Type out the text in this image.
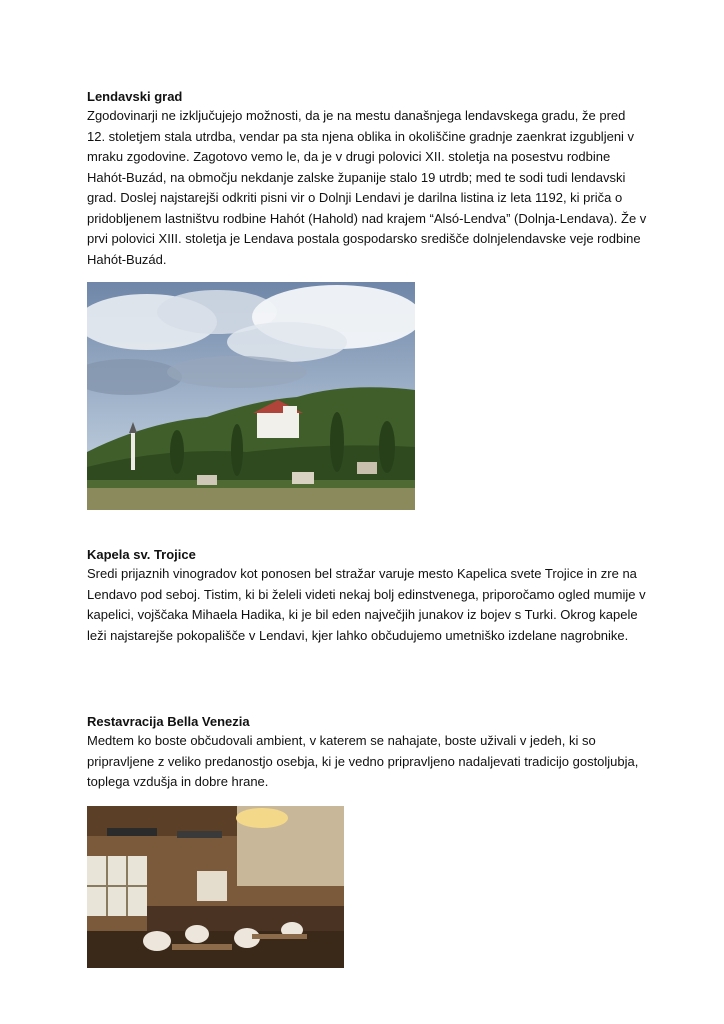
Lendavski grad

Zgodovinarji ne izključujejo možnosti, da je na mestu današnjega lendavskega gradu, že pred 12. stoletjem stala utrdba, vendar pa sta njena oblika in okoliščine gradnje zaenkrat izgubljeni v mraku zgodovine. Zagotovo vemo le, da je v drugi polovici XII. stoletja na posestvu rodbine Hahót-Buzád, na območju nekdanje zalske županije stalo 19 utrdb; med te sodi tudi lendavski grad. Doslej najstarejši odkriti pisni vir o Dolnji Lendavi je darilna listina iz leta 1192, ki priča o pridobljenem lastništvu rodbine Hahót (Hahold) nad krajem “Alsó-Lendva” (Dolnja-Lendava). Že v prvi polovici XIII. stoletja je Lendava postala gospodarsko središče dolnjelendavske veje rodbine Hahót-Buzád.

Kapela sv. Trojice

Sredi prijaznih vinogradov kot ponosen bel stražar varuje mesto Kapelica svete Trojice in zre na Lendavo pod seboj. Tistim, ki bi želeli videti nekaj bolj edinstvenega, priporočamo ogled mumije v kapelici, vojščaka Mihaela Hadika, ki je bil eden največjih junakov iz bojev s Turki. Okrog kapele leži najstarejše pokopališče v Lendavi, kjer lahko občudujemo umetniško izdelane nagrobnike.

Restavracija Bella Venezia

Medtem ko boste občudovali ambient, v katerem se nahajate, boste uživali v jedeh, ki so pripravljene z veliko predanostjo osebja, ki je vedno pripravljeno nadaljevati tradicijo gostoljubja, toplega vzdušja in dobre hrane.
